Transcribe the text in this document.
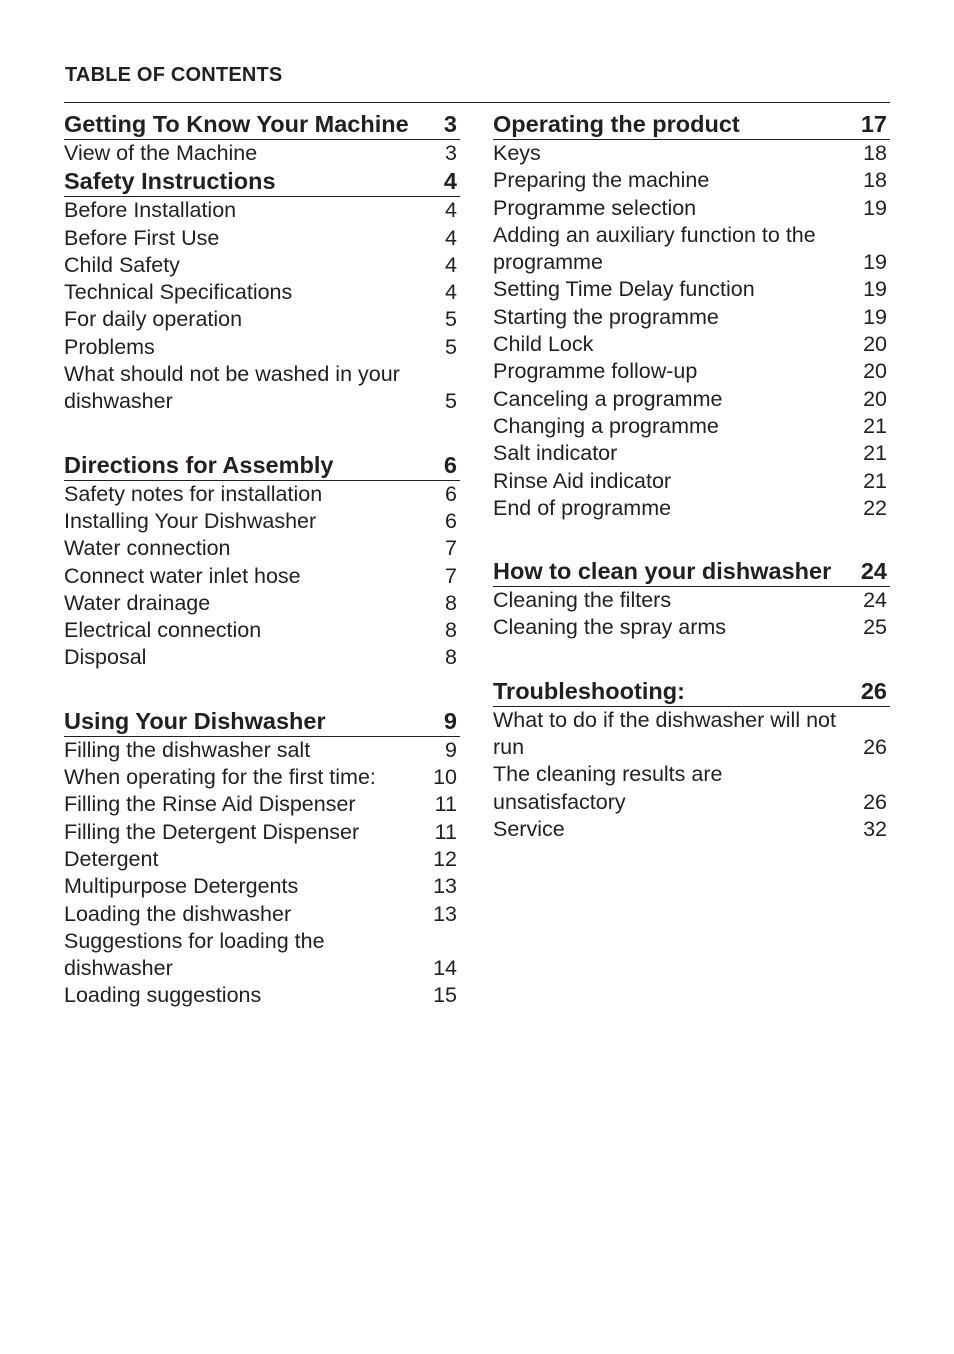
TABLE OF CONTENTS
Getting To Know Your Machine 3
View of the Machine	3
Safety Instructions	4
Before Installation	4
Before First Use	4
Child Safety	4
Technical Specifications	4
For daily operation	5
Problems	5
What should not be washed in your dishwasher	5
Directions for Assembly	6
Safety notes for installation	6
Installing Your Dishwasher	6
Water connection	7
Connect water inlet hose	7
Water drainage	8
Electrical connection	8
Disposal	8
Using Your Dishwasher	9
Filling the dishwasher salt	9
When operating for the first time:	10
Filling the Rinse Aid Dispenser	11
Filling the Detergent Dispenser	11
Detergent	12
Multipurpose Detergents	13
Loading the dishwasher	13
Suggestions for loading the dishwasher	14
Loading suggestions	15
Operating the product	17
Keys	18
Preparing the machine	18
Programme selection	19
Adding an auxiliary function to the programme	19
Setting Time Delay function	19
Starting the programme	19
Child Lock	20
Programme follow-up	20
Canceling a programme	20
Changing a programme	21
Salt indicator	21
Rinse Aid indicator	21
End of programme	22
How to clean your dishwasher 24
Cleaning the filters	24
Cleaning the spray arms	25
Troubleshooting:	26
What to do if the dishwasher will not run	26
The cleaning results are unsatisfactory	26
Service	32
